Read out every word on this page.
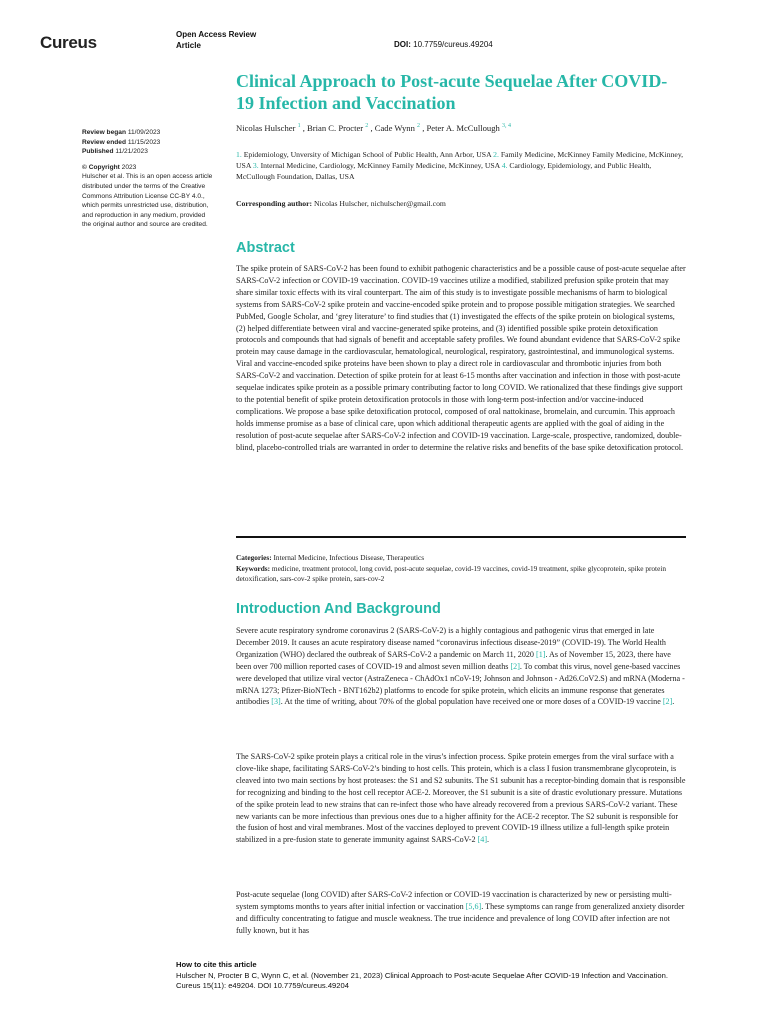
Cureus	Open Access Review
Article	DOI: 10.7759/cureus.49204
Review began 11/09/2023
Review ended 11/15/2023
Published 11/21/2023
© Copyright 2023
Hulscher et al. This is an open access article distributed under the terms of the Creative Commons Attribution License CC-BY 4.0., which permits unrestricted use, distribution, and reproduction in any medium, provided the original author and source are credited.
Clinical Approach to Post-acute Sequelae After COVID-19 Infection and Vaccination
Nicolas Hulscher $^1$ , Brian C. Procter $^2$ , Cade Wynn $^2$ , Peter A. McCullough $^{3, 4}$
1. Epidemiology, Unversity of Michigan School of Public Health, Ann Arbor, USA 2. Family Medicine, McKinney Family Medicine, McKinney, USA 3. Internal Medicine, Cardiology, McKinney Family Medicine, McKinney, USA 4. Cardiology, Epidemiology, and Public Health, McCullough Foundation, Dallas, USA
Corresponding author: Nicolas Hulscher, nichulscher@gmail.com
Abstract

The spike protein of SARS-CoV-2 has been found to exhibit pathogenic characteristics and be a possible cause of post-acute sequelae after SARS-CoV-2 infection or COVID-19 vaccination. COVID-19 vaccines utilize a modified, stabilized prefusion spike protein that may share similar toxic effects with its viral counterpart. The aim of this study is to investigate possible mechanisms of harm to biological systems from SARS-CoV-2 spike protein and vaccine-encoded spike protein and to propose possible mitigation strategies. We searched PubMed, Google Scholar, and ‘grey literature’ to find studies that (1) investigated the effects of the spike protein on biological systems, (2) helped differentiate between viral and vaccine-generated spike proteins, and (3) identified possible spike protein detoxification protocols and compounds that had signals of benefit and acceptable safety profiles. We found abundant evidence that SARS-CoV-2 spike protein may cause damage in the cardiovascular, hematological, neurological, respiratory, gastrointestinal, and immunological systems. Viral and vaccine-encoded spike proteins have been shown to play a direct role in cardiovascular and thrombotic injuries from both SARS-CoV-2 and vaccination. Detection of spike protein for at least 6-15 months after vaccination and infection in those with post-acute sequelae indicates spike protein as a possible primary contributing factor to long COVID. We rationalized that these findings give support to the potential benefit of spike protein detoxification protocols in those with long-term post-infection and/or vaccine-induced complications. We propose a base spike detoxification protocol, composed of oral nattokinase, bromelain, and curcumin. This approach holds immense promise as a base of clinical care, upon which additional therapeutic agents are applied with the goal of aiding in the resolution of post-acute sequelae after SARS-CoV-2 infection and COVID-19 vaccination. Large-scale, prospective, randomized, double-blind, placebo-controlled trials are warranted in order to determine the relative risks and benefits of the base spike detoxification protocol.

Categories: Internal Medicine, Infectious Disease, Therapeutics
Keywords: medicine, treatment protocol, long covid, post-acute sequelae, covid-19 vaccines, covid-19 treatment, spike glycoprotein, spike protein detoxification, sars-cov-2 spike protein, sars-cov-2
Introduction And Background

Severe acute respiratory syndrome coronavirus 2 (SARS-CoV-2) is a highly contagious and pathogenic virus that emerged in late December 2019. It causes an acute respiratory disease named “coronavirus infectious disease-2019” (COVID-19). The World Health Organization (WHO) declared the outbreak of SARS-CoV-2 a pandemic on March 11, 2020 [1]. As of November 15, 2023, there have been over 700 million reported cases of COVID-19 and almost seven million deaths [2]. To combat this virus, novel gene-based vaccines were developed that utilize viral vector (AstraZeneca - ChAdOx1 nCoV-19; Johnson and Johnson - Ad26.CoV2.S) and mRNA (Moderna - mRNA 1273; Pfizer-BioNTech - BNT162b2) platforms to encode for spike protein, which elicits an immune response that generates antibodies [3]. At the time of writing, about 70% of the global population have received one or more doses of a COVID-19 vaccine [2].

The SARS-CoV-2 spike protein plays a critical role in the virus’s infection process. Spike protein emerges from the viral surface with a clove-like shape, facilitating SARS-CoV-2’s binding to host cells. This protein, which is a class I fusion transmembrane glycoprotein, is cleaved into two main sections by host proteases: the S1 and S2 subunits. The S1 subunit has a receptor-binding domain that is responsible for recognizing and binding to the host cell receptor ACE-2. Moreover, the S1 subunit is a site of drastic evolutionary pressure. Mutations of the spike protein lead to new strains that can re-infect those who have already recovered from a previous SARS-CoV-2 variant. These new variants can be more infectious than previous ones due to a higher affinity for the ACE-2 receptor. The S2 subunit is responsible for the fusion of host and viral membranes. Most of the vaccines deployed to prevent COVID-19 illness utilize a full-length spike protein stabilized in a pre-fusion state to generate immunity against SARS-CoV-2 [4].

Post-acute sequelae (long COVID) after SARS-CoV-2 infection or COVID-19 vaccination is characterized by new or persisting multi-system symptoms months to years after initial infection or vaccination [5,6]. These symptoms can range from generalized anxiety disorder and difficulty concentrating to fatigue and muscle weakness. The true incidence and prevalence of long COVID after infection are not fully known, but it has

How to cite this article
Hulscher N, Procter B C, Wynn C, et al. (November 21, 2023) Clinical Approach to Post-acute Sequelae After COVID-19 Infection and Vaccination.
Cureus 15(11): e49204. DOI 10.7759/cureus.49204
